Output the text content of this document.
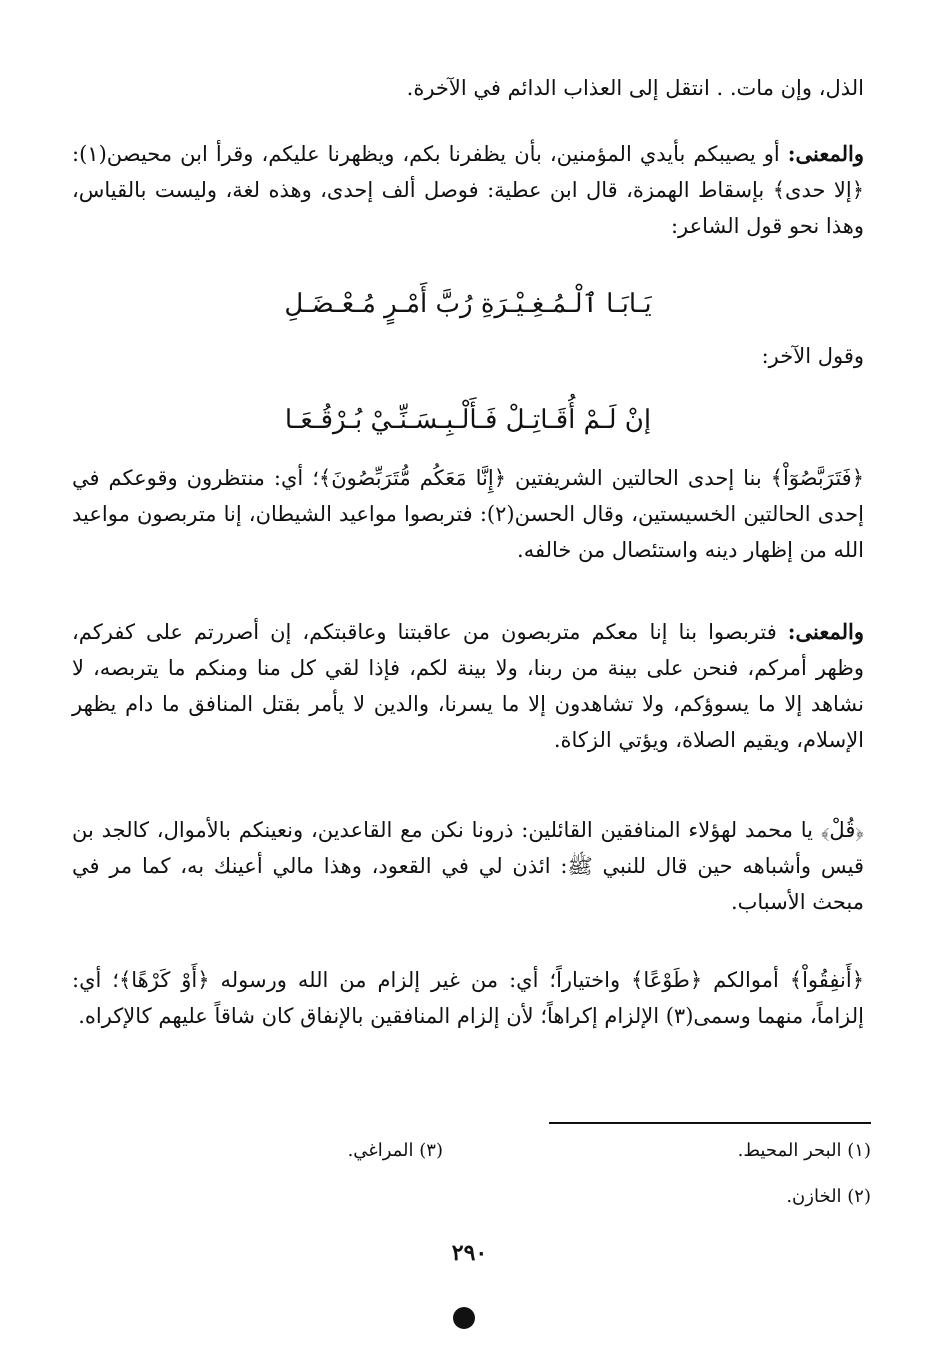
الذل، وإن مات. . انتقل إلى العذاب الدائم في الآخرة.

والمعنى: أو يصيبكم بأيدي المؤمنين، بأن يظفرنا بكم، ويظهرنا عليكم، وقرأ ابن محيصن(١): ﴿إلا حدى﴾ بإسقاط الهمزة، قال ابن عطية: فوصل ألف إحدى، وهذه لغة، وليست بالقياس، وهذا نحو قول الشاعر:

يَـابَـا ٱلْـمُـغِـيْـرَةِ رُبَّ أَمْـرٍ مُـعْـضَـلِ

وقول الآخر:

إنْ لَـمْ أُقَـاتِـلْ فَـأَلْـبِـسَـنِّـيْ بُـرْقُـعَـا

﴿فَتَرَبَّصُوٓاْ﴾ بنا إحدى الحالتين الشريفتين ﴿إِنَّا مَعَكُم مُّتَرَبِّصُونَ﴾؛ أي: منتظرون وقوعكم في إحدى الحالتين الخسيستين، وقال الحسن(٢): فتربصوا مواعيد الشيطان، إنا متربصون مواعيد الله من إظهار دينه واستئصال من خالفه.

والمعنى: فتربصوا بنا إنا معكم متربصون من عاقبتنا وعاقبتكم، إن أصررتم على كفركم، وظهر أمركم، فنحن على بينة من ربنا، ولا بينة لكم، فإذا لقي كل منا ومنكم ما يتربصه، لا نشاهد إلا ما يسوؤكم، ولا تشاهدون إلا ما يسرنا، والدين لا يأمر بقتل المنافق ما دام يظهر الإسلام، ويقيم الصلاة، ويؤتي الزكاة.

﴿قُلْ﴾ يا محمد لهؤلاء المنافقين القائلين: ذرونا نكن مع القاعدين، ونعينكم بالأموال، كالجد بن قيس وأشباهه حين قال للنبي ﷺ: ائذن لي في القعود، وهذا مالي أعينك به، كما مر في مبحث الأسباب.

﴿أَنفِقُواْ﴾ أموالكم ﴿طَوْعًا﴾ واختياراً؛ أي: من غير إلزام من الله ورسوله ﴿أَوْ كَرْهًا﴾؛ أي: إلزاماً، منهما وسمى(٣) الإلزام إكراهاً؛ لأن إلزام المنافقين بالإنفاق كان شاقاً عليهم كالإكراه.

(١) البحر المحيط.
(٣) المراغي.
(٢) الخازن.
٢٩٠
